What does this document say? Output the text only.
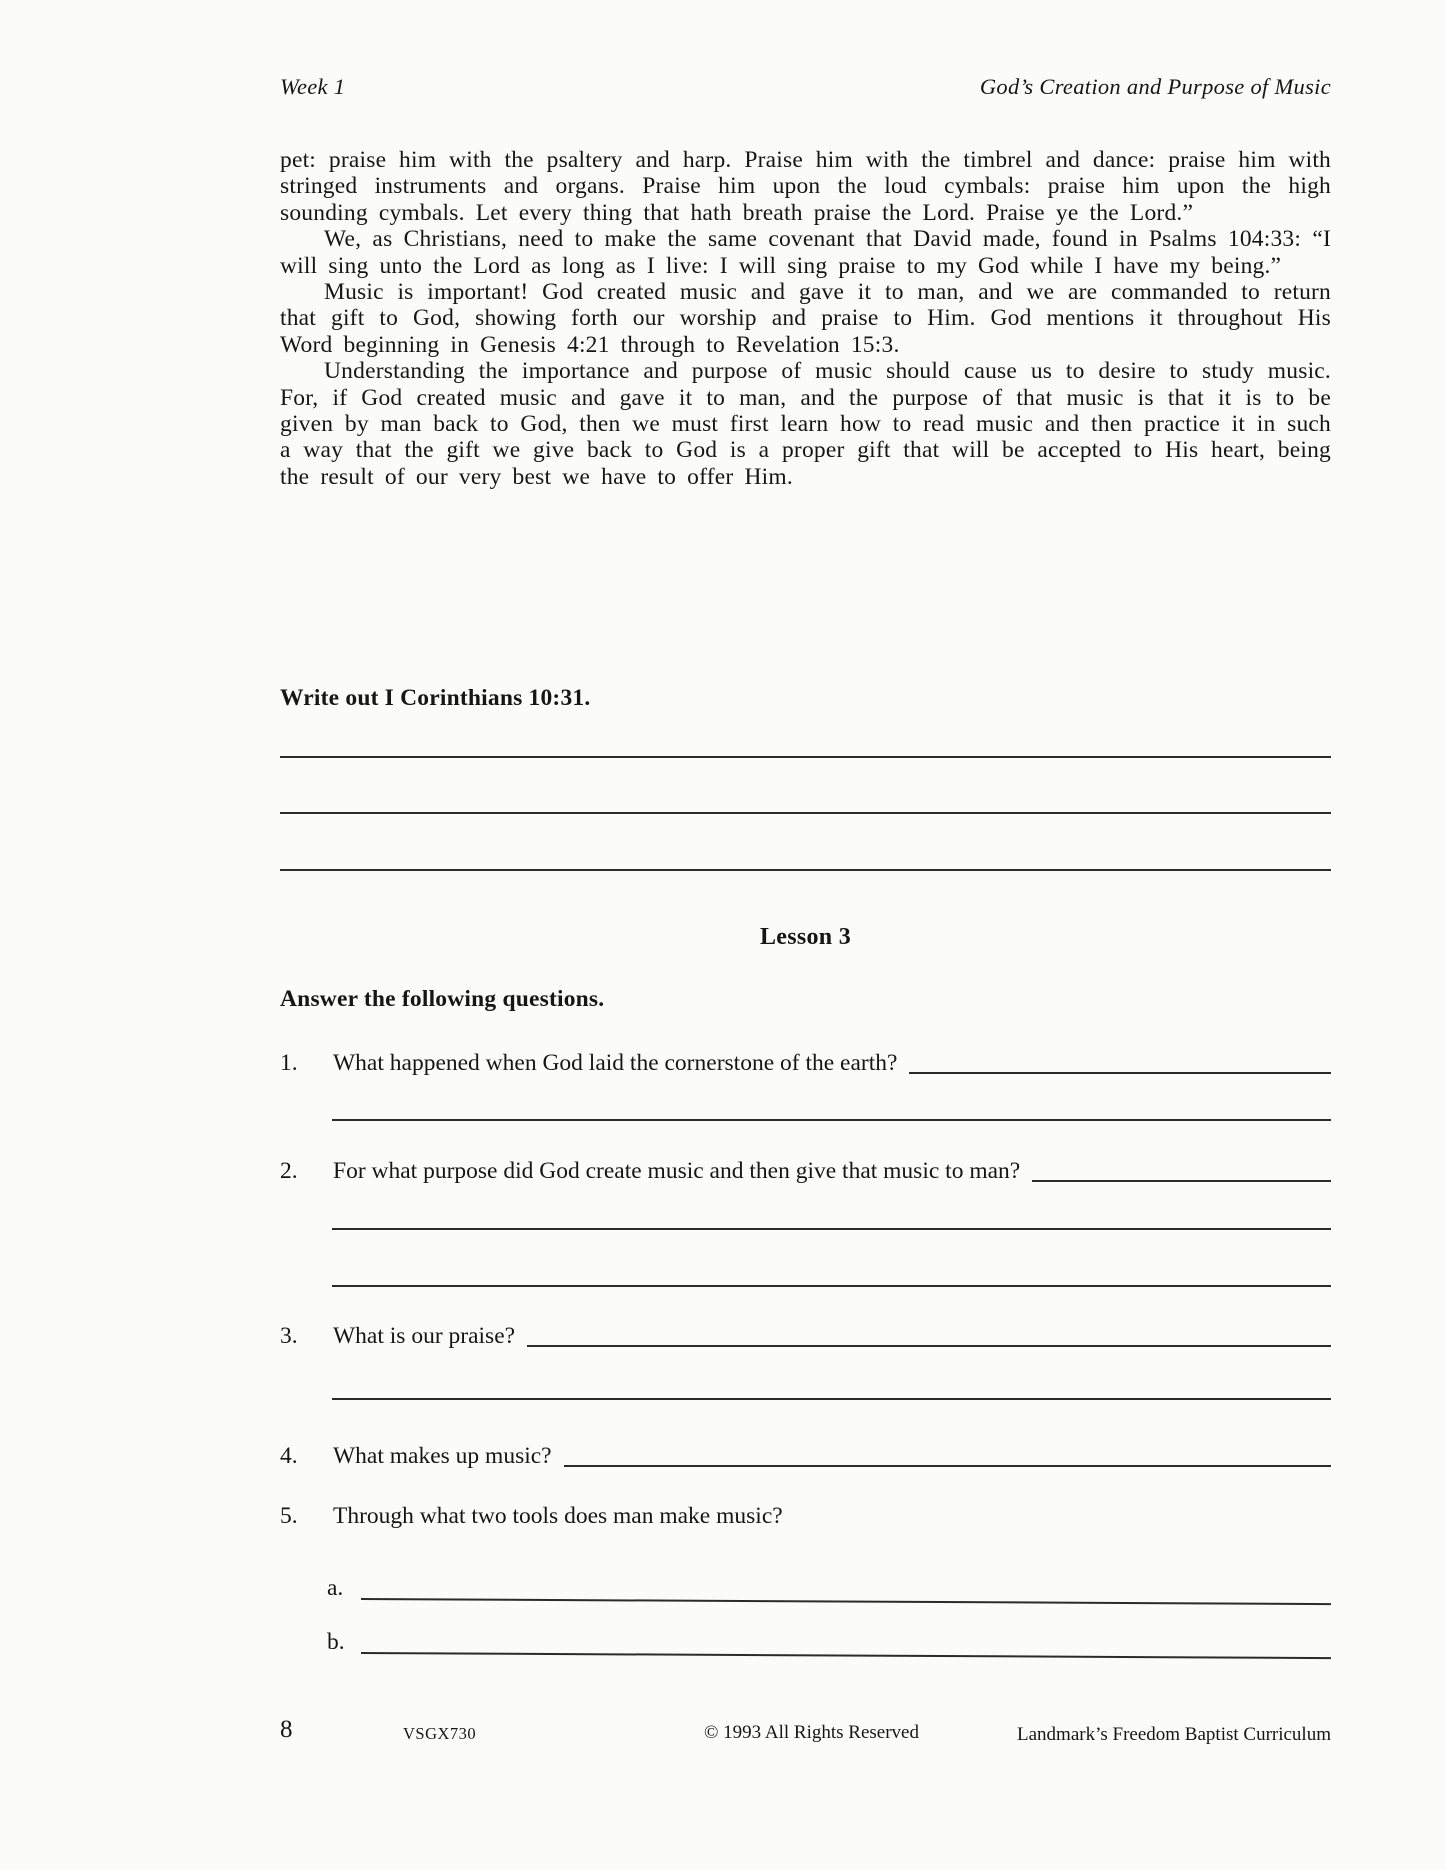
Week 1	God’s Creation and Purpose of Music

pet: praise him with the psaltery and harp. Praise him with the timbrel and dance: praise him with stringed instruments and organs. Praise him upon the loud cymbals: praise him upon the high sounding cymbals. Let every thing that hath breath praise the Lord. Praise ye the Lord.”

We, as Christians, need to make the same covenant that David made, found in Psalms 104:33: “I will sing unto the Lord as long as I live: I will sing praise to my God while I have my being.”

Music is important! God created music and gave it to man, and we are commanded to return that gift to God, showing forth our worship and praise to Him. God mentions it throughout His Word beginning in Genesis 4:21 through to Revelation 15:3.

Understanding the importance and purpose of music should cause us to desire to study music. For, if God created music and gave it to man, and the purpose of that music is that it is to be given by man back to God, then we must first learn how to read music and then practice it in such a way that the gift we give back to God is a proper gift that will be accepted to His heart, being the result of our very best we have to offer Him.

Write out I Corinthians 10:31.
Lesson 3
Answer the following questions.
1.	What happened when God laid the cornerstone of the earth?
2.	For what purpose did God create music and then give that music to man?
3.	What is our praise?
4.	What makes up music?
5.	Through what two tools does man make music?
a.
b.
8	VSGX730	© 1993 All Rights Reserved	Landmark’s Freedom Baptist Curriculum
